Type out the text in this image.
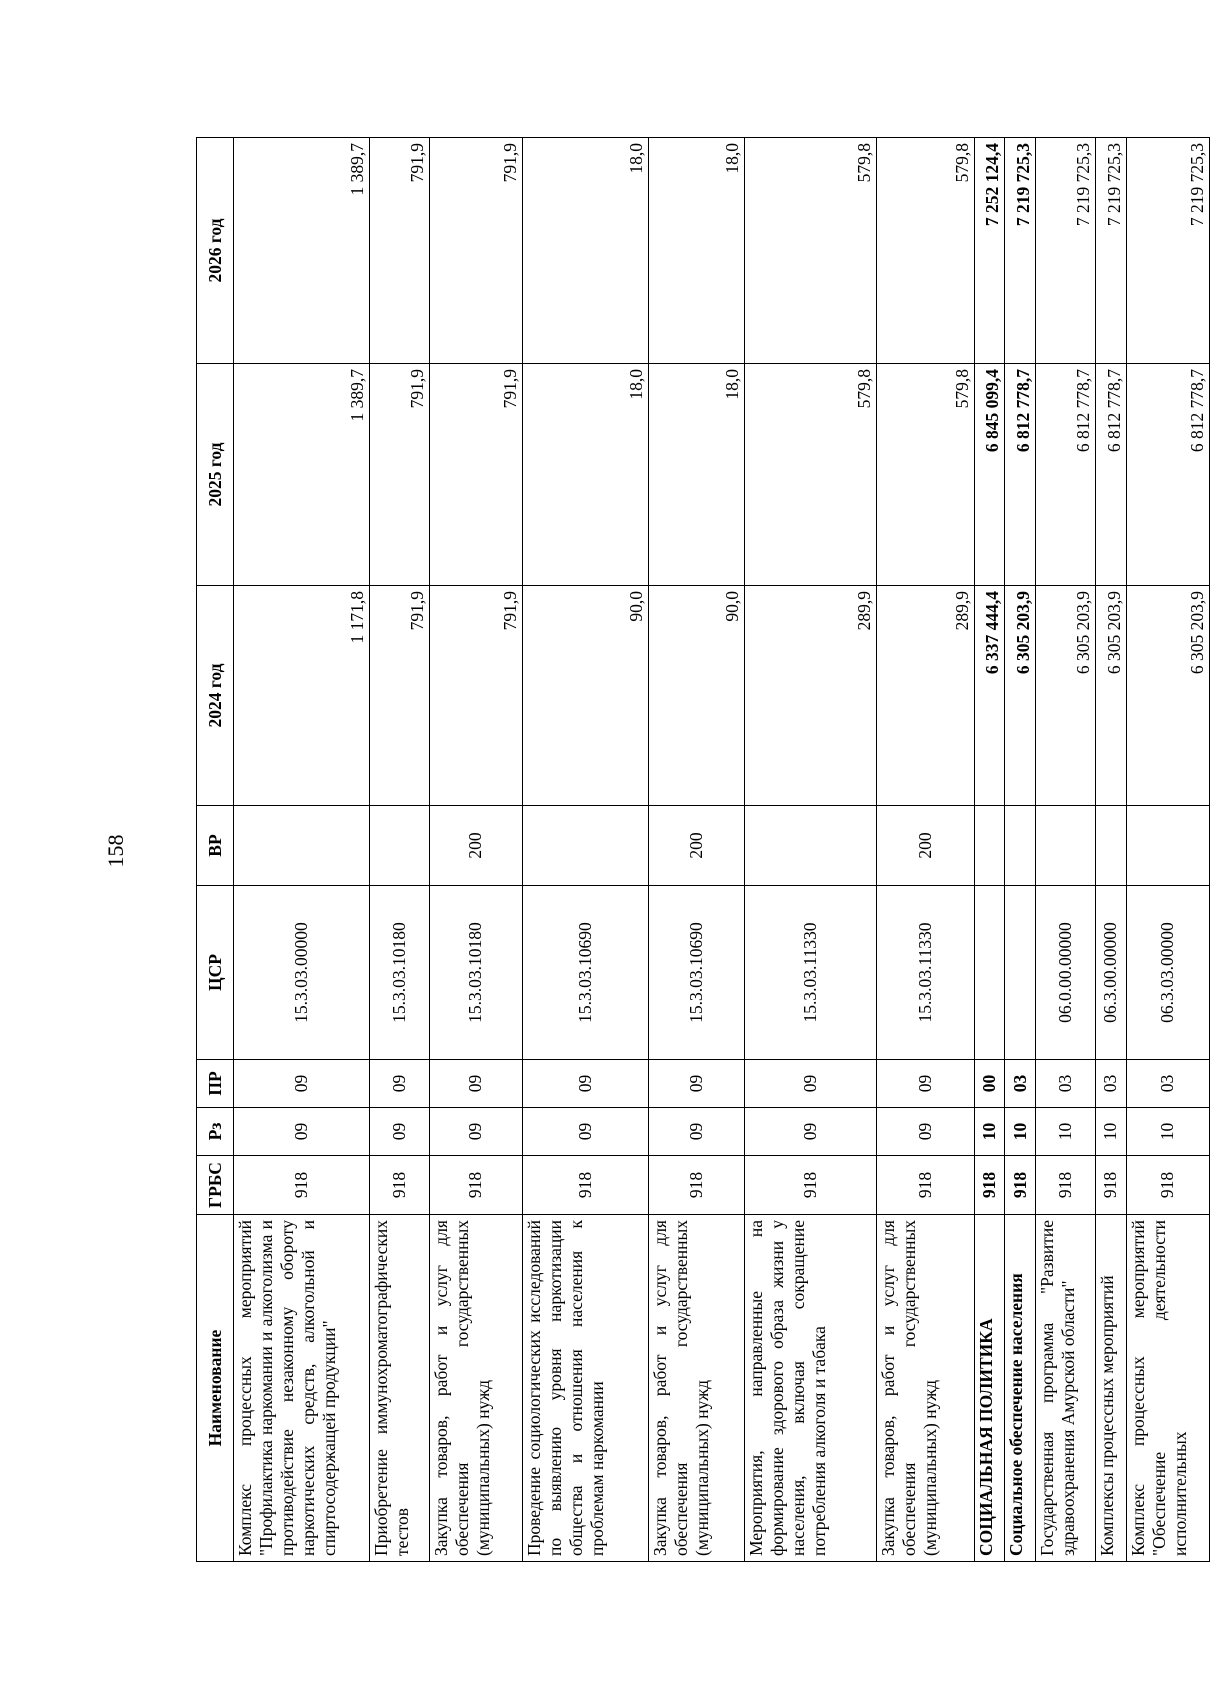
158
Наименование	ГРБС	Рз	ПР	ЦСР	ВР	2024 год	2025 год	2026 год
Комплекс процессных мероприятий "Профилактика наркомании и алкоголизма и противодействие незаконному обороту наркотических средств, алкогольной и спиртосодержащей продукции"	918	09	09	15.3.03.00000		1 171,8	1 389,7	1 389,7
Приобретение иммунохроматографических тестов	918	09	09	15.3.03.10180		791,9	791,9	791,9
Закупка товаров, работ и услуг для обеспечения государственных (муниципальных) нужд	918	09	09	15.3.03.10180	200	791,9	791,9	791,9
Проведение социологических исследований по выявлению уровня наркотизации общества и отношения населения к проблемам наркомании	918	09	09	15.3.03.10690		90,0	18,0	18,0
Закупка товаров, работ и услуг для обеспечения государственных (муниципальных) нужд	918	09	09	15.3.03.10690	200	90,0	18,0	18,0
Мероприятия, направленные на формирование здорового образа жизни у населения, включая сокращение потребления алкоголя и табака	918	09	09	15.3.03.11330		289,9	579,8	579,8
Закупка товаров, работ и услуг для обеспечения государственных (муниципальных) нужд	918	09	09	15.3.03.11330	200	289,9	579,8	579,8
СОЦИАЛЬНАЯ ПОЛИТИКА	918	10	00			6 337 444,4	6 845 099,4	7 252 124,4
Социальное обеспечение населения	918	10	03			6 305 203,9	6 812 778,7	7 219 725,3
Государственная программа "Развитие здравоохранения Амурской области"	918	10	03	06.0.00.00000		6 305 203,9	6 812 778,7	7 219 725,3
Комплексы процессных мероприятий	918	10	03	06.3.00.00000		6 305 203,9	6 812 778,7	7 219 725,3
Комплекс процессных мероприятий "Обеспечение деятельности исполнительных	918	10	03	06.3.03.00000		6 305 203,9	6 812 778,7	7 219 725,3
